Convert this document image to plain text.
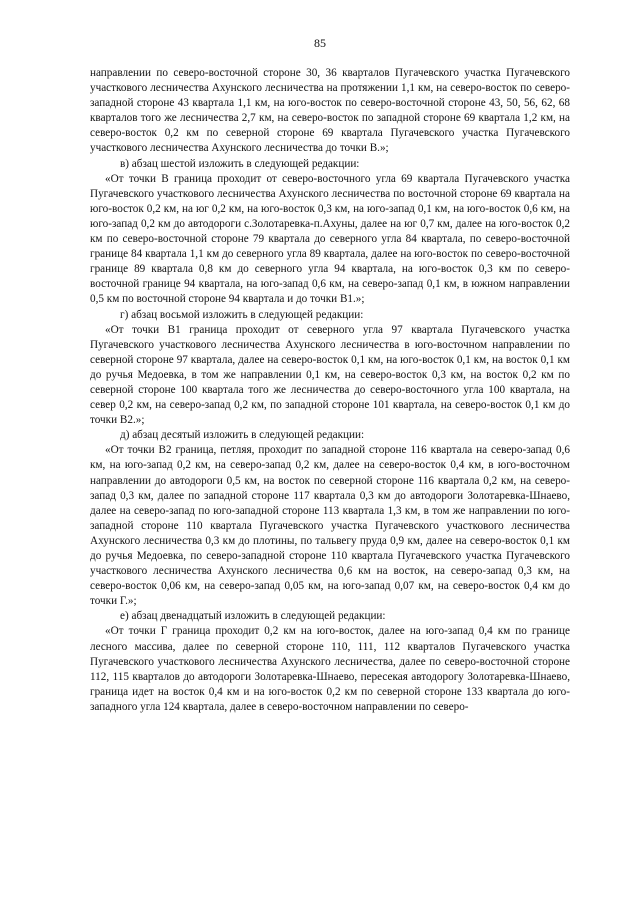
85

направлении по северо-восточной стороне 30, 36 кварталов Пугачевского участка Пугачевского участкового лесничества Ахунского лесничества на протяжении 1,1 км, на северо-восток по северо-западной стороне 43 квартала 1,1 км, на юго-восток по северо-восточной стороне 43, 50, 56, 62, 68 кварталов того же лесничества 2,7 км, на северо-восток по западной стороне 69 квартала 1,2 км, на северо-восток 0,2 км по северной стороне 69 квартала Пугачевского участка Пугачевского участкового лесничества Ахунского лесничества до точки В.»;

в) абзац шестой изложить в следующей редакции:

«От точки В граница проходит от северо-восточного угла 69 квартала Пугачевского участка Пугачевского участкового лесничества Ахунского лесничества по восточной стороне 69 квартала на юго-восток 0,2 км, на юг 0,2 км, на юго-восток 0,3 км, на юго-запад 0,1 км, на юго-восток 0,6 км, на юго-запад 0,2 км до автодороги с.Золотаревка-п.Ахуны, далее на юг 0,7 км, далее на юго-восток 0,2 км по северо-восточной стороне 79 квартала до северного угла 84 квартала, по северо-восточной границе 84 квартала 1,1 км до северного угла 89 квартала, далее на юго-восток по северо-восточной границе 89 квартала 0,8 км до северного угла 94 квартала, на юго-восток 0,3 км по северо-восточной границе 94 квартала, на юго-запад 0,6 км, на северо-запад 0,1 км, в южном направлении 0,5 км по восточной стороне 94 квартала и до точки В1.»;

г) абзац восьмой изложить в следующей редакции:

«От точки В1 граница проходит от северного угла 97 квартала Пугачевского участка Пугачевского участкового лесничества Ахунского лесничества в юго-восточном направлении по северной стороне 97 квартала, далее на северо-восток 0,1 км, на юго-восток 0,1 км, на восток 0,1 км до ручья Медоевка, в том же направлении 0,1 км, на северо-восток 0,3 км, на восток 0,2 км по северной стороне 100 квартала того же лесничества до северо-восточного угла 100 квартала, на север 0,2 км, на северо-запад 0,2 км, по западной стороне 101 квартала, на северо-восток 0,1 км до точки В2.»;

д) абзац десятый изложить в следующей редакции:

«От точки В2 граница, петляя, проходит по западной стороне 116 квартала на северо-запад 0,6 км, на юго-запад 0,2 км, на северо-запад 0,2 км, далее на северо-восток 0,4 км, в юго-восточном направлении до автодороги 0,5 км, на восток по северной стороне 116 квартала 0,2 км, на северо-запад 0,3 км, далее по западной стороне 117 квартала 0,3 км до автодороги Золотаревка-Шнаево, далее на северо-запад по юго-западной стороне 113 квартала 1,3 км, в том же направлении по юго-западной стороне 110 квартала Пугачевского участка Пугачевского участкового лесничества Ахунского лесничества 0,3 км до плотины, по тальвегу пруда 0,9 км, далее на северо-восток 0,1 км до ручья Медоевка, по северо-западной стороне 110 квартала Пугачевского участка Пугачевского участкового лесничества Ахунского лесничества 0,6 км на восток, на северо-запад 0,3 км, на северо-восток 0,06 км, на северо-запад 0,05 км, на юго-запад 0,07 км, на северо-восток 0,4 км до точки Г.»;

е) абзац двенадцатый изложить в следующей редакции:

«От точки Г граница проходит 0,2 км на юго-восток, далее на юго-запад 0,4 км по границе лесного массива, далее по северной стороне 110, 111, 112 кварталов Пугачевского участка Пугачевского участкового лесничества Ахунского лесничества, далее по северо-восточной стороне 112, 115 кварталов до автодороги Золотаревка-Шнаево, пересекая автодорогу Золотаревка-Шнаево, граница идет на восток 0,4 км и на юго-восток 0,2 км по северной стороне 133 квартала до юго-западного угла 124 квартала, далее в северо-восточном направлении по северо-
